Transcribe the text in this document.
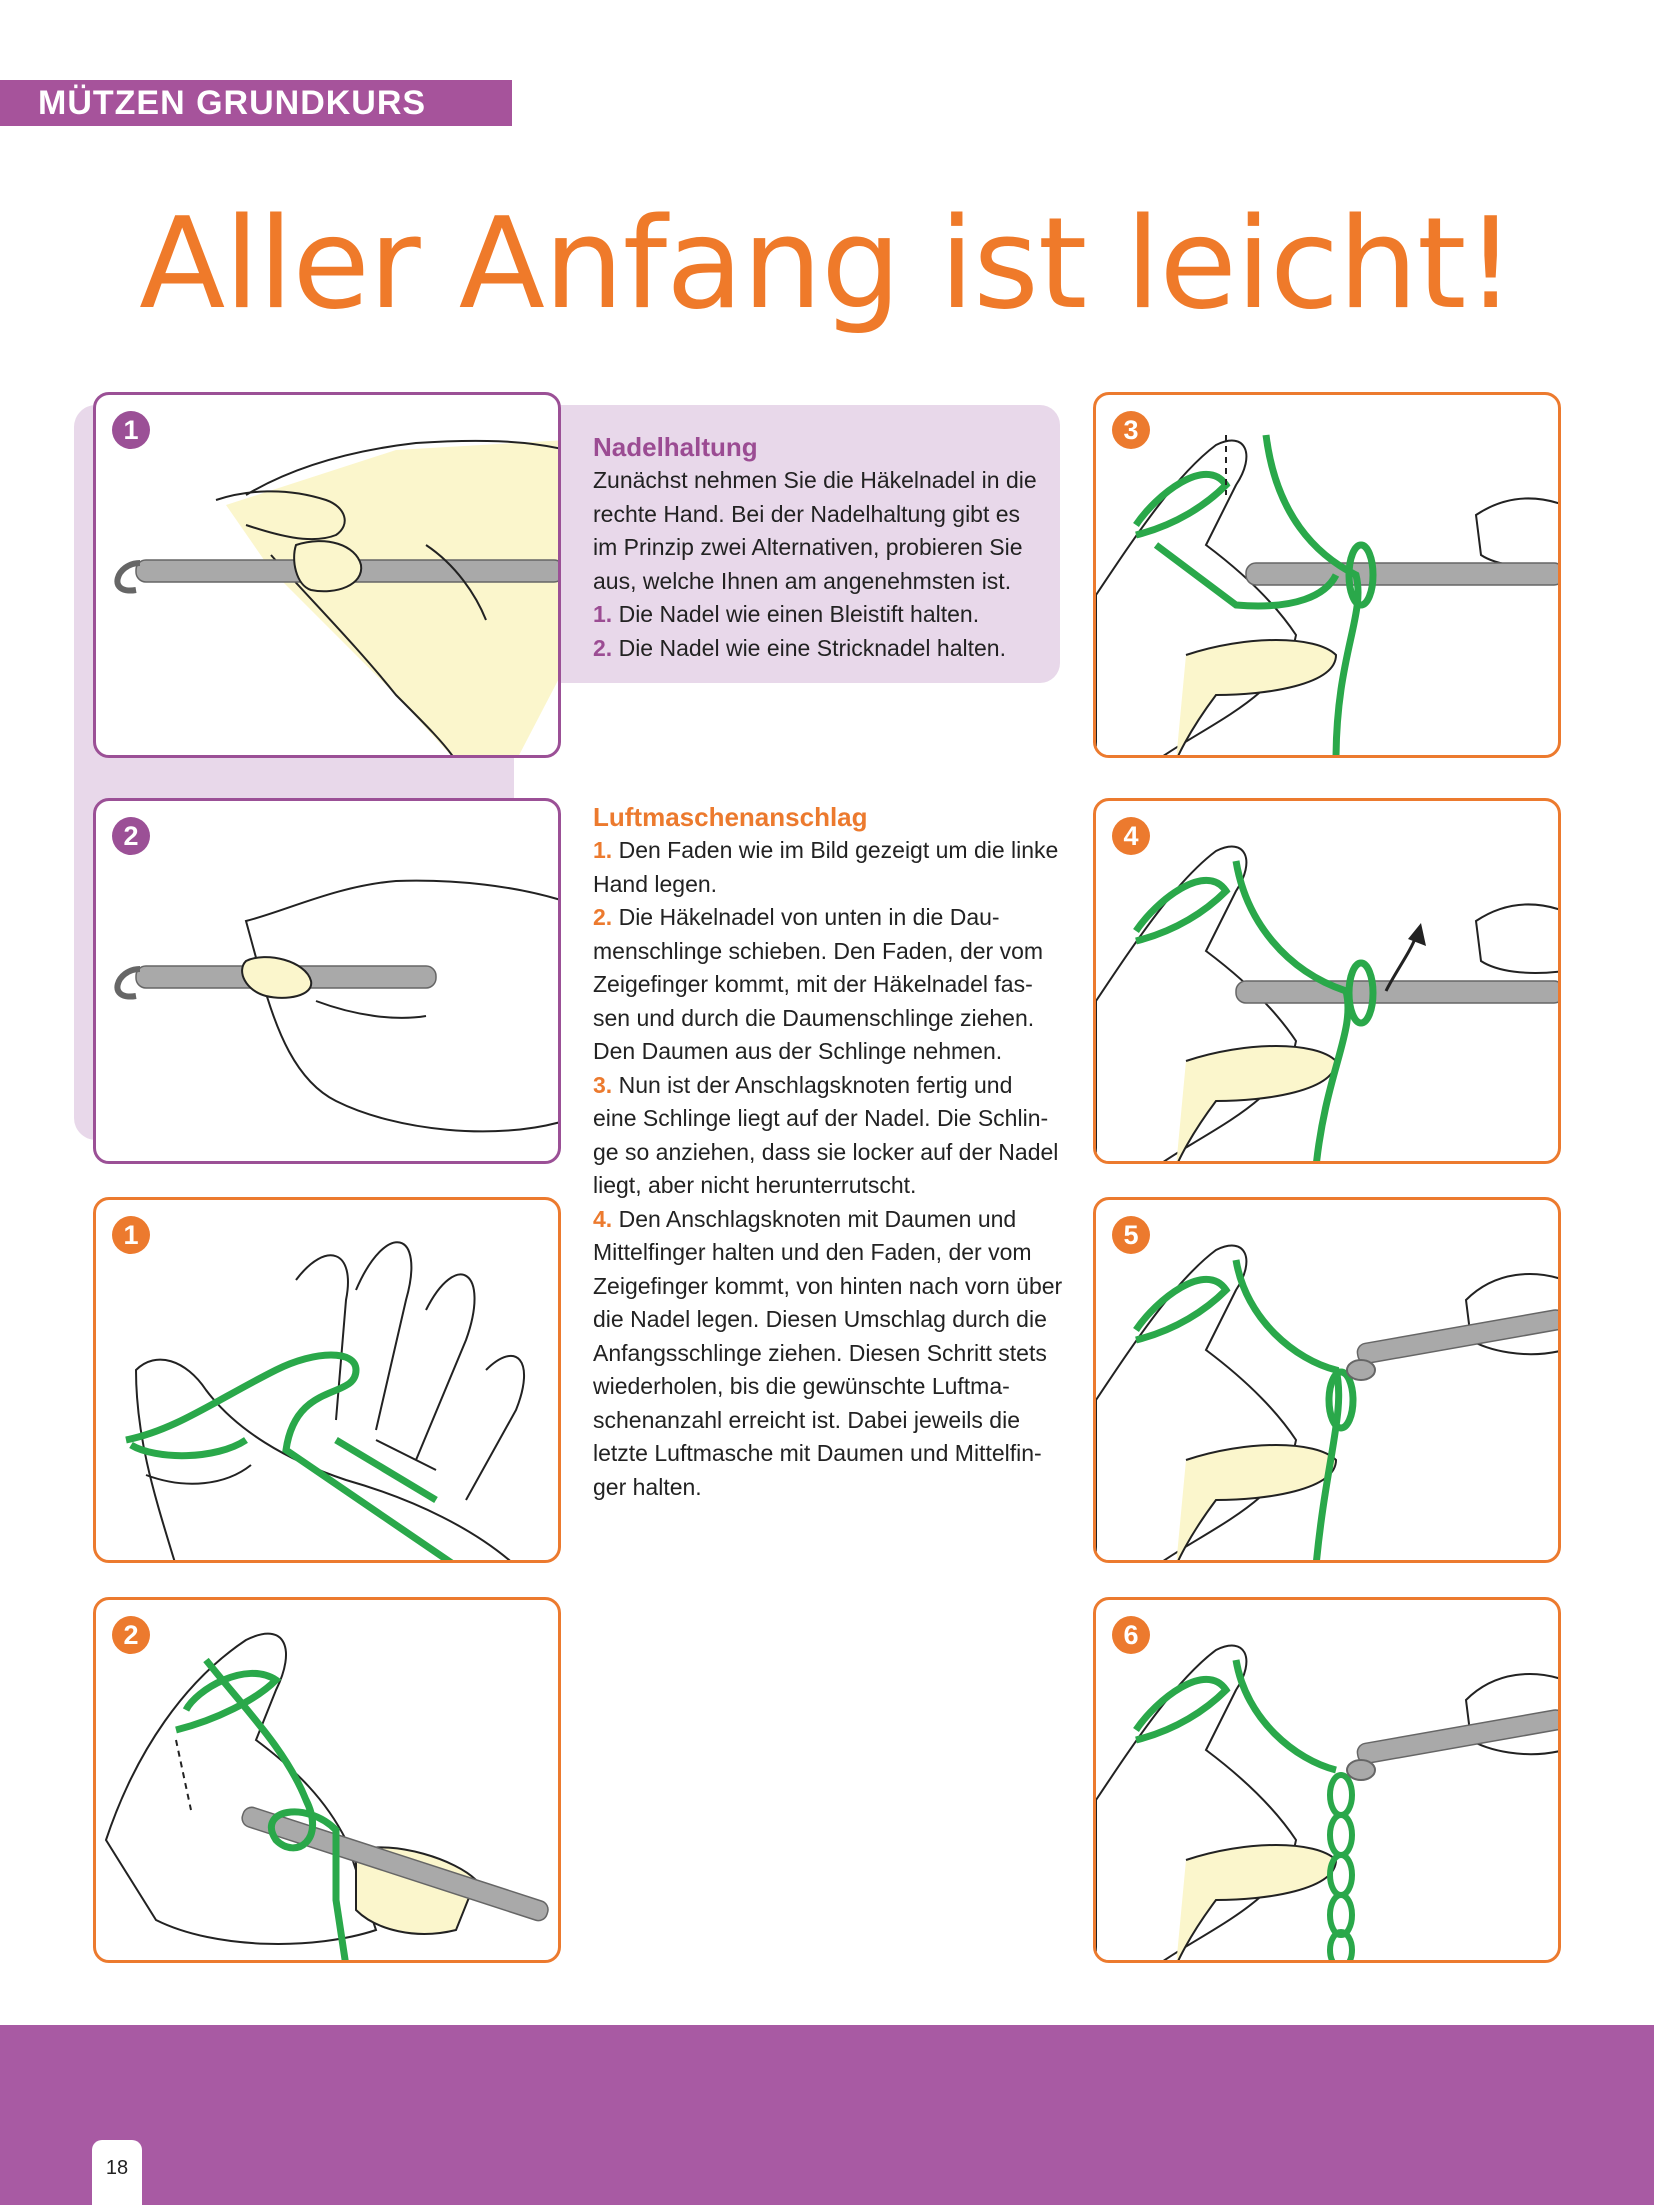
MÜTZEN GRUNDKURS
Aller Anfang ist leicht!
1
2
1
2
3
4
5
6
Nadelhaltung
Zunächst nehmen Sie die Häkelnadel in die
rechte Hand. Bei der Nadelhaltung gibt es
im Prinzip zwei Alternativen, probieren Sie
aus, welche Ihnen am angenehmsten ist.
1. Die Nadel wie einen Bleistift halten.
2. Die Nadel wie eine Stricknadel halten.
Luftmaschenanschlag
1. Den Faden wie im Bild gezeigt um die linke
Hand legen.
2. Die Häkelnadel von unten in die Dau-
menschlinge schieben. Den Faden, der vom
Zeigefinger kommt, mit der Häkelnadel fas-
sen und durch die Daumenschlinge ziehen.
Den Daumen aus der Schlinge nehmen.
3. Nun ist der Anschlagsknoten fertig und
eine Schlinge liegt auf der Nadel. Die Schlin-
ge so anziehen, dass sie locker auf der Nadel
liegt, aber nicht herunterrutscht.
4. Den Anschlagsknoten mit Daumen und
Mittelfinger halten und den Faden, der vom
Zeigefinger kommt, von hinten nach vorn über
die Nadel legen. Diesen Umschlag durch die
Anfangsschlinge ziehen. Diesen Schritt stets
wiederholen, bis die gewünschte Luftma-
schenanzahl erreicht ist. Dabei jeweils die
letzte Luftmasche mit Daumen und Mittelfin-
ger halten.
18
